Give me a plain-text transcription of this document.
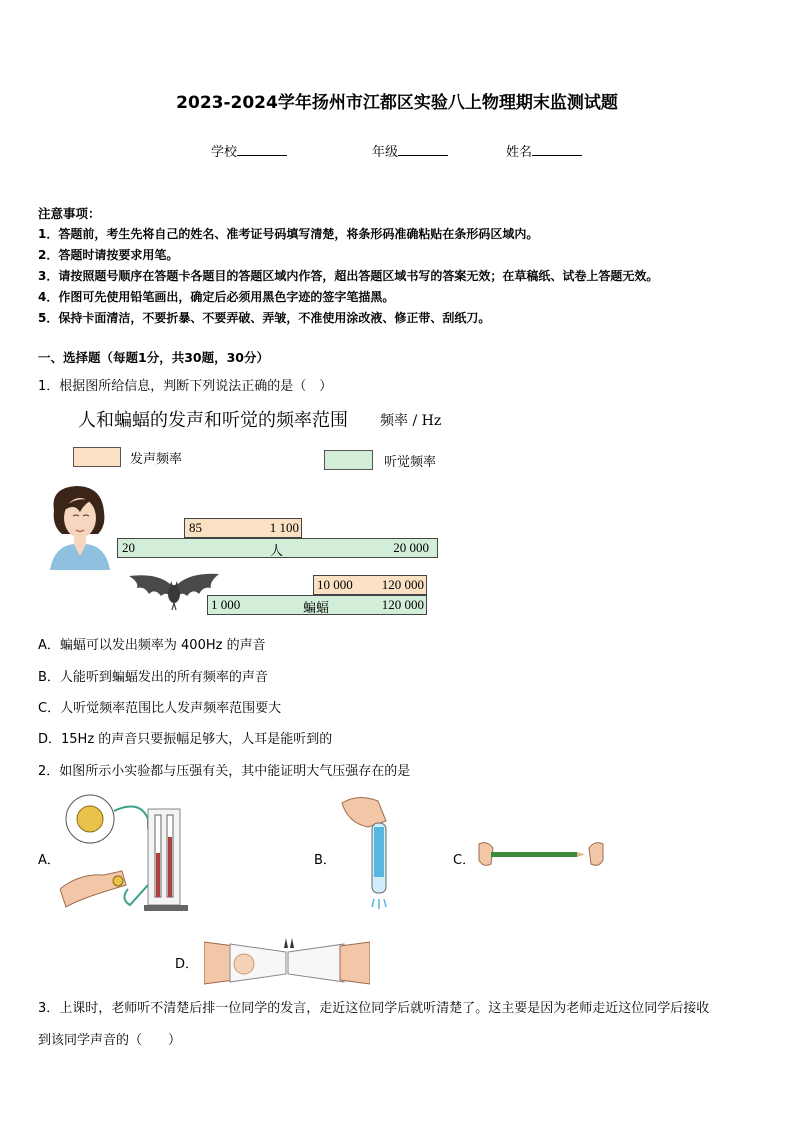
2023-2024学年扬州市江都区实验八上物理期末监测试题
学校	年级	姓名
注意事项：
1．答题前，考生先将自己的姓名、准考证号码填写清楚，将条形码准确粘贴在条形码区域内。
2．答题时请按要求用笔。
3．请按照题号顺序在答题卡各题目的答题区域内作答，超出答题区域书写的答案无效；在草稿纸、试卷上答题无效。
4．作图可先使用铅笔画出，确定后必须用黑色字迹的签字笔描黑。
5．保持卡面清洁，不要折暴、不要弄破、弄皱，不准使用涂改液、修正带、刮纸刀。
一、选择题（每题1分，共30题，30分）
1．根据图所给信息，判断下列说法正确的是（　）
人和蝙蝠的发声和听觉的频率范围 频率 / Hz
发声频率	听觉频率
85	1 100
20	人	20 000
10 000 120 000
1 000	蝙蝠	120 000
A．蝙蝠可以发出频率为 400Hz 的声音
B．人能听到蝙蝠发出的所有频率的声音
C．人听觉频率范围比人发声频率范围要大
D．15Hz 的声音只要振幅足够大，人耳是能听到的
2．如图所示小实验都与压强有关，其中能证明大气压强存在的是
A．	B．	C．
D．
3．上课时，老师听不清楚后排一位同学的发言，走近这位同学后就听清楚了。这主要是因为老师走近这位同学后接收
到该同学声音的（　　）
